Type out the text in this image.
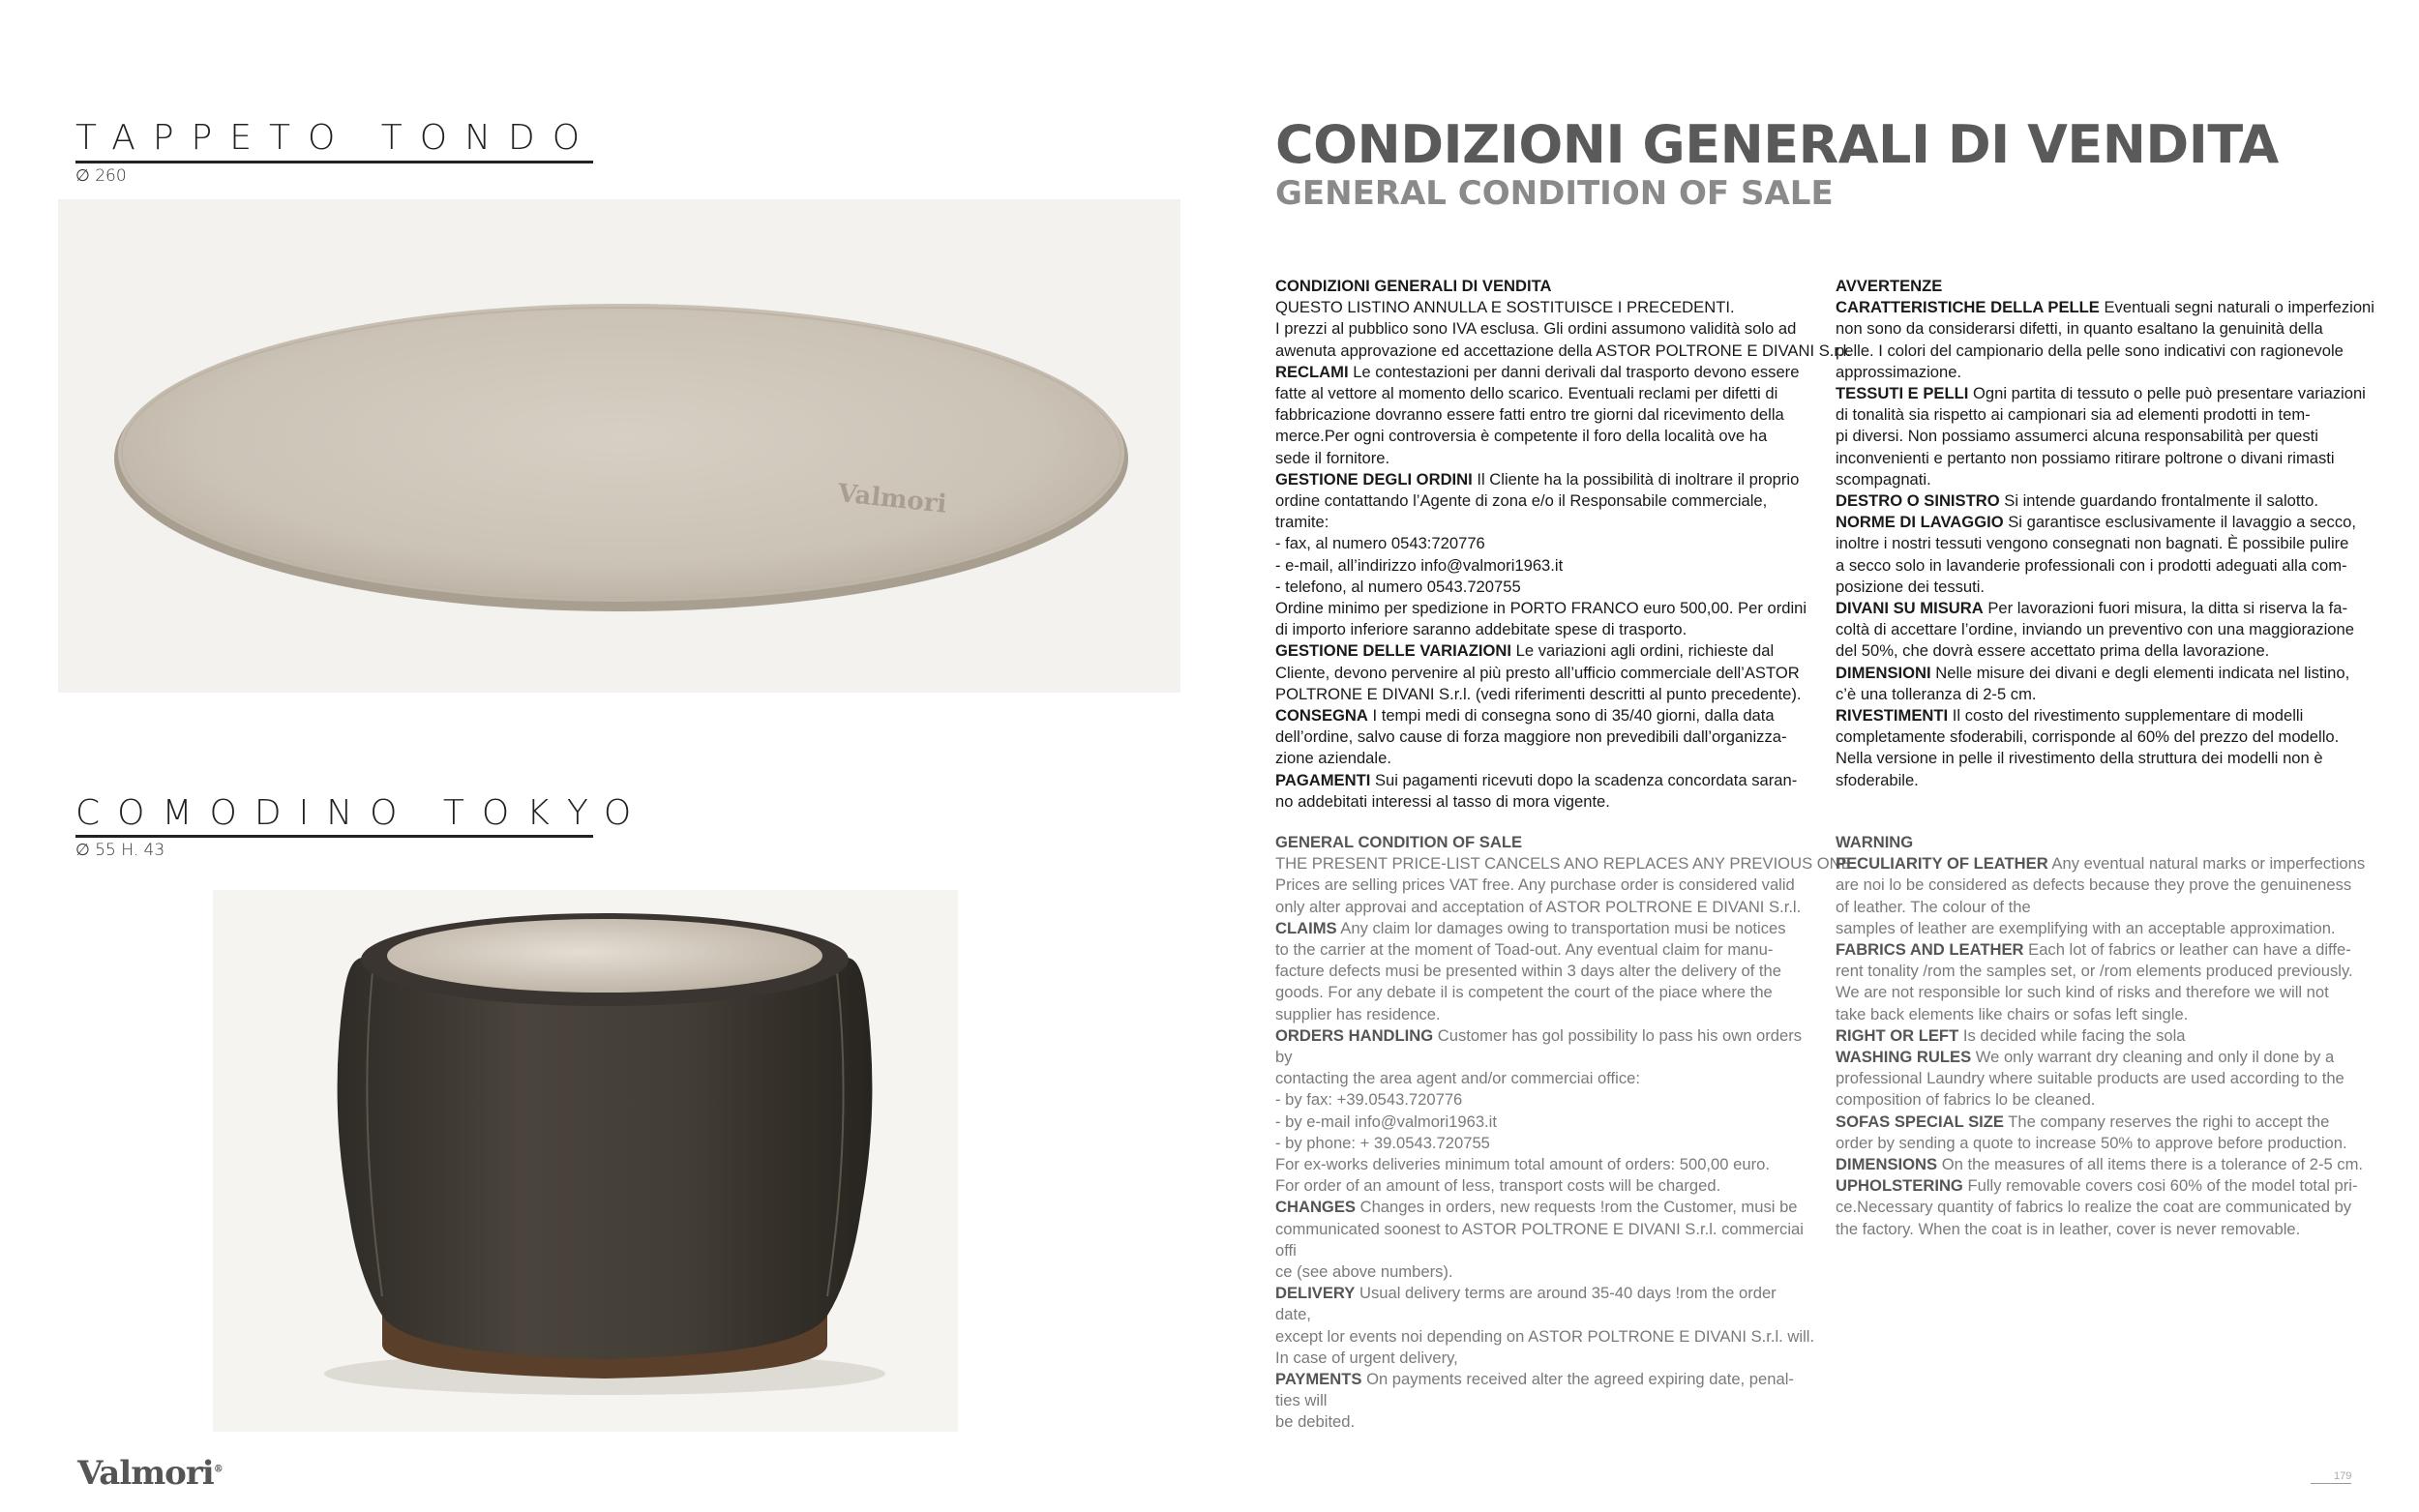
TAPPETO TONDO
∅ 260
Valmori
COMODINO TOKYO
∅ 55 H. 43
Valmori®
CONDIZIONI GENERALI DI VENDITA
GENERAL CONDITION OF SALE
CONDIZIONI GENERALI DI VENDITA
QUESTO LISTINO ANNULLA E SOSTITUISCE I PRECEDENTI.
I prezzi al pubblico sono IVA esclusa. Gli ordini assumono validità solo ad
awenuta approvazione ed accettazione della ASTOR POLTRONE E DIVANI S.r.l.
RECLAMI Le contestazioni per danni derivali dal trasporto devono essere
fatte al vettore al momento dello scarico. Eventuali reclami per difetti di
fabbricazione dovranno essere fatti entro tre giorni dal ricevimento della
merce.Per ogni controversia è competente il foro della località ove ha
sede il fornitore.
GESTIONE DEGLI ORDINI Il Cliente ha la possibilità di inoltrare il proprio
ordine contattando l’Agente di zona e/o il Responsabile commerciale,
tramite:
- fax, al numero 0543:720776
- e-mail, all’indirizzo info@valmori1963.it
- telefono, al numero 0543.720755
Ordine minimo per spedizione in PORTO FRANCO euro 500,00. Per ordini
di importo inferiore saranno addebitate spese di trasporto.
GESTIONE DELLE VARIAZIONI Le variazioni agli ordini, richieste dal
Cliente, devono pervenire al più presto all’ufficio commerciale dell’ASTOR
POLTRONE E DIVANI S.r.l. (vedi riferimenti descritti al punto precedente).
CONSEGNA I tempi medi di consegna sono di 35/40 giorni, dalla data
dell’ordine, salvo cause di forza maggiore non prevedibili dall’organizza-
zione aziendale.
PAGAMENTI Sui pagamenti ricevuti dopo la scadenza concordata saran-
no addebitati interessi al tasso di mora vigente.
AVVERTENZE
CARATTERISTICHE DELLA PELLE Eventuali segni naturali o imperfezioni
non sono da considerarsi difetti, in quanto esaltano la genuinità della
pelle. I colori del campionario della pelle sono indicativi con ragionevole
approssimazione.
TESSUTI E PELLI Ogni partita di tessuto o pelle può presentare variazioni
di tonalità sia rispetto ai campionari sia ad elementi prodotti in tem-
pi diversi. Non possiamo assumerci alcuna responsabilità per questi
inconvenienti e pertanto non possiamo ritirare poltrone o divani rimasti
scompagnati.
DESTRO O SINISTRO Si intende guardando frontalmente il salotto.
NORME DI LAVAGGIO Si garantisce esclusivamente il lavaggio a secco,
inoltre i nostri tessuti vengono consegnati non bagnati. È possibile pulire
a secco solo in lavanderie professionali con i prodotti adeguati alla com-
posizione dei tessuti.
DIVANI SU MISURA Per lavorazioni fuori misura, la ditta si riserva la fa-
coltà di accettare l’ordine, inviando un preventivo con una maggiorazione
del 50%, che dovrà essere accettato prima della lavorazione.
DIMENSIONI Nelle misure dei divani e degli elementi indicata nel listino,
c’è una tolleranza di 2-5 cm.
RIVESTIMENTI Il costo del rivestimento supplementare di modelli
completamente sfoderabili, corrisponde al 60% del prezzo del modello.
Nella versione in pelle il rivestimento della struttura dei modelli non è
sfoderabile.
GENERAL CONDITION OF SALE
THE PRESENT PRICE-LIST CANCELS ANO REPLACES ANY PREVIOUS ONE.
Prices are selling prices VAT free. Any purchase order is considered valid
only alter approvai and acceptation of ASTOR POLTRONE E DIVANI S.r.l.
CLAIMS Any claim lor damages owing to transportation musi be notices
to the carrier at the moment of Toad-out. Any eventual claim for manu-
facture defects musi be presented within 3 days alter the delivery of the
goods. For any debate il is competent the court of the piace where the
supplier has residence.
ORDERS HANDLING Customer has gol possibility lo pass his own orders
by
contacting the area agent and/or commerciai office:
- by fax: +39.0543.720776
- by e-mail info@valmori1963.it
- by phone: + 39.0543.720755
For ex-works deliveries minimum total amount of orders: 500,00 euro.
For order of an amount of less, transport costs will be charged.
CHANGES Changes in orders, new requests !rom the Customer, musi be
communicated soonest to ASTOR POLTRONE E DIVANI S.r.l. commerciai
offi
ce (see above numbers).
DELIVERY Usual delivery terms are around 35-40 days !rom the order
date,
except lor events noi depending on ASTOR POLTRONE E DIVANI S.r.l. will.
In case of urgent delivery,
PAYMENTS On payments received alter the agreed expiring date, penal-
ties will
be debited.
WARNING
PECULIARITY OF LEATHER Any eventual natural marks or imperfections
are noi lo be considered as defects because they prove the genuineness
of leather. The colour of the
samples of leather are exemplifying with an acceptable approximation.
FABRICS AND LEATHER Each lot of fabrics or leather can have a diffe-
rent tonality /rom the samples set, or /rom elements produced previously.
We are not responsible lor such kind of risks and therefore we will not
take back elements like chairs or sofas left single.
RIGHT OR LEFT Is decided while facing the sola
WASHING RULES We only warrant dry cleaning and only il done by a
professional Laundry where suitable products are used according to the
composition of fabrics lo be cleaned.
SOFAS SPECIAL SIZE The company reserves the righi to accept the
order by sending a quote to increase 50% to approve before production.
DIMENSIONS On the measures of all items there is a tolerance of 2-5 cm.
UPHOLSTERING Fully removable covers cosi 60% of the model total pri-
ce.Necessary quantity of fabrics lo realize the coat are communicated by
the factory. When the coat is in leather, cover is never removable.
179
